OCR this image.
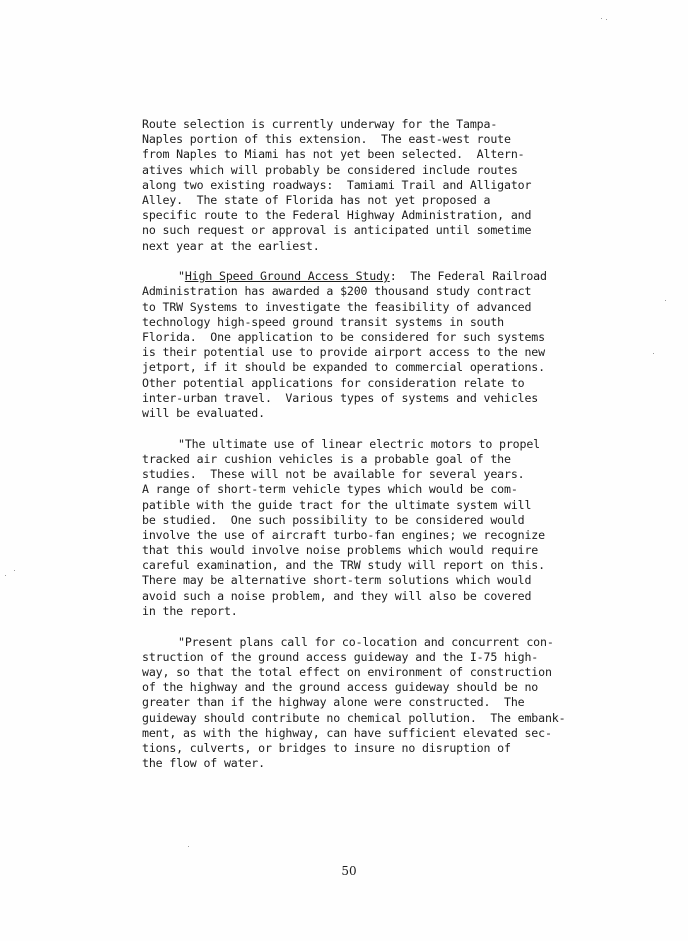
Route selection is currently underway for the Tampa-
Naples portion of this extension.  The east-west route
from Naples to Miami has not yet been selected.  Altern-
atives which will probably be considered include routes
along two existing roadways:  Tamiami Trail and Alligator
Alley.  The state of Florida has not yet proposed a
specific route to the Federal Highway Administration, and
no such request or approval is anticipated until sometime
next year at the earliest.
"High Speed Ground Access Study:  The Federal Railroad
Administration has awarded a $200 thousand study contract
to TRW Systems to investigate the feasibility of advanced
technology high-speed ground transit systems in south
Florida.  One application to be considered for such systems
is their potential use to provide airport access to the new
jetport, if it should be expanded to commercial operations.
Other potential applications for consideration relate to
inter-urban travel.  Various types of systems and vehicles
will be evaluated.
"The ultimate use of linear electric motors to propel
tracked air cushion vehicles is a probable goal of the
studies.  These will not be available for several years.
A range of short-term vehicle types which would be com-
patible with the guide tract for the ultimate system will
be studied.  One such possibility to be considered would
involve the use of aircraft turbo-fan engines; we recognize
that this would involve noise problems which would require
careful examination, and the TRW study will report on this.
There may be alternative short-term solutions which would
avoid such a noise problem, and they will also be covered
in the report.
"Present plans call for co-location and concurrent con-
struction of the ground access guideway and the I-75 high-
way, so that the total effect on environment of construction
of the highway and the ground access guideway should be no
greater than if the highway alone were constructed.  The
guideway should contribute no chemical pollution.  The embank-
ment, as with the highway, can have sufficient elevated sec-
tions, culverts, or bridges to insure no disruption of
the flow of water.
50
